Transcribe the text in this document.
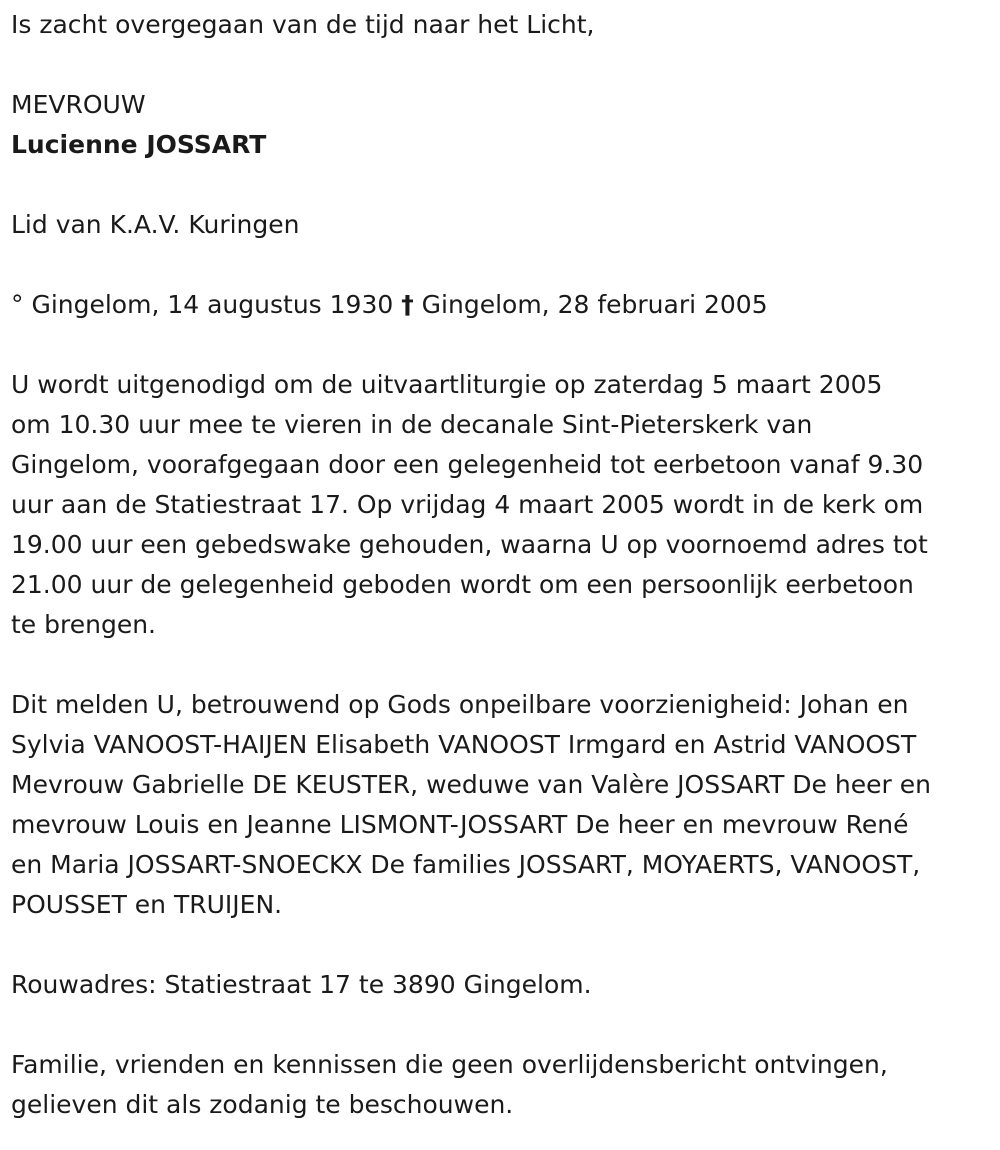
Is zacht overgegaan van de tijd naar het Licht,
MEVROUW
Lucienne JOSSART
Lid van K.A.V. Kuringen
° Gingelom, 14 augustus 1930 † Gingelom, 28 februari 2005
U wordt uitgenodigd om de uitvaartliturgie op zaterdag 5 maart 2005
om 10.30 uur mee te vieren in de decanale Sint-Pieterskerk van
Gingelom, voorafgegaan door een gelegenheid tot eerbetoon vanaf 9.30
uur aan de Statiestraat 17. Op vrijdag 4 maart 2005 wordt in de kerk om
19.00 uur een gebedswake gehouden, waarna U op voornoemd adres tot
21.00 uur de gelegenheid geboden wordt om een persoonlijk eerbetoon
te brengen.
Dit melden U, betrouwend op Gods onpeilbare voorzienigheid: Johan en
Sylvia VANOOST-HAIJEN Elisabeth VANOOST Irmgard en Astrid VANOOST
Mevrouw Gabrielle DE KEUSTER, weduwe van Valère JOSSART De heer en
mevrouw Louis en Jeanne LISMONT-JOSSART De heer en mevrouw René
en Maria JOSSART-SNOECKX De families JOSSART, MOYAERTS, VANOOST,
POUSSET en TRUIJEN.
Rouwadres: Statiestraat 17 te 3890 Gingelom.
Familie, vrienden en kennissen die geen overlijdensbericht ontvingen,
gelieven dit als zodanig te beschouwen.
